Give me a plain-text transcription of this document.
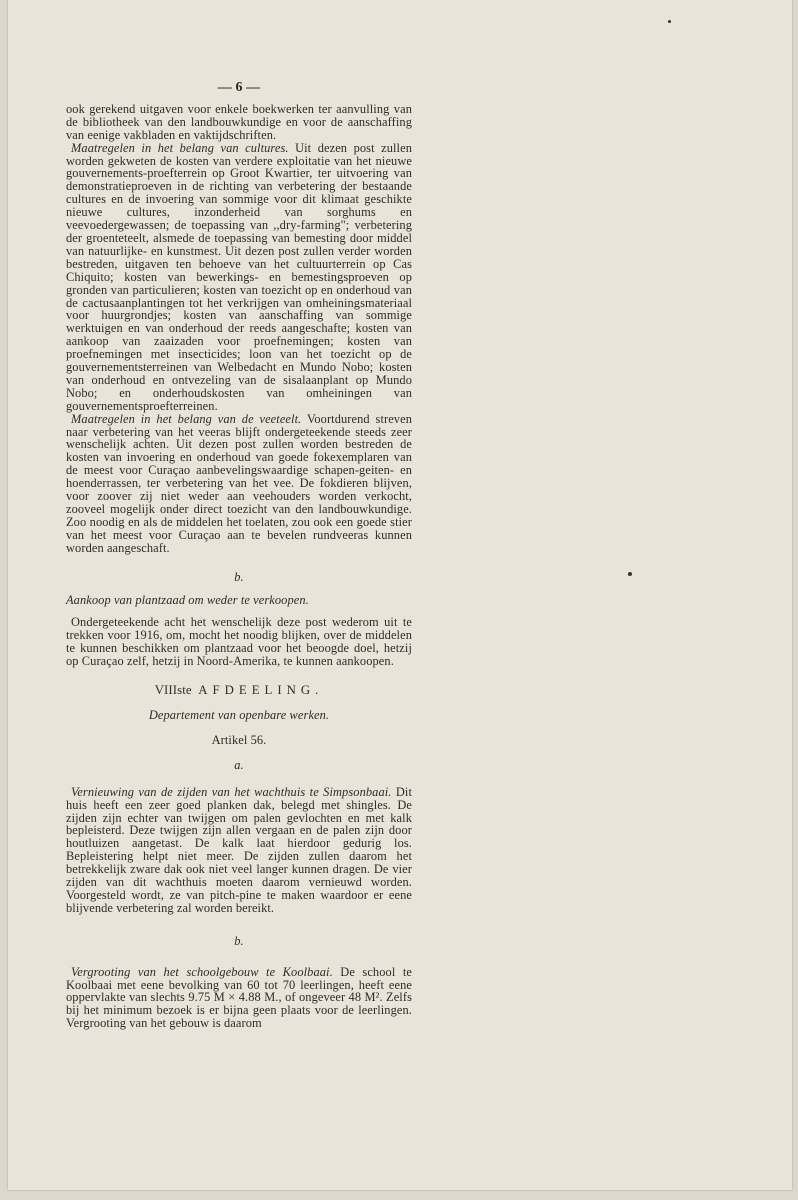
— 6 —

ook gerekend uitgaven voor enkele boekwerken ter aanvulling van de bibliotheek van den landbouwkundige en voor de aanschaffing van eenige vakbladen en vaktijdschriften.

Maatregelen in het belang van cultures. Uit dezen post zullen worden gekweten de kosten van verdere exploitatie van het nieuwe gouvernements-proefterrein op Groot Kwartier, ter uitvoering van demonstratieproeven in de richting van verbetering der bestaande cultures en de invoering van sommige voor dit klimaat geschikte nieuwe cultures, inzonderheid van sorghums en veevoedergewassen; de toepassing van ,,dry-farming"; verbetering der groenteteelt, alsmede de toepassing van bemesting door middel van natuurlijke- en kunstmest. Uit dezen post zullen verder worden bestreden, uitgaven ten behoeve van het cultuurterrein op Cas Chiquito; kosten van bewerkings- en bemestingsproeven op gronden van particulieren; kosten van toezicht op en onderhoud van de cactusaanplantingen tot het verkrijgen van omheiningsmateriaal voor huurgrondjes; kosten van aanschaffing van sommige werktuigen en van onderhoud der reeds aangeschafte; kosten van aankoop van zaaizaden voor proefnemingen; kosten van proefnemingen met insecticides; loon van het toezicht op de gouvernementsterreinen van Welbedacht en Mundo Nobo; kosten van onderhoud en ontvezeling van de sisalaanplant op Mundo Nobo; en onderhoudskosten van omheiningen van gouvernementsproefterreinen.

Maatregelen in het belang van de veeteelt. Voortdurend streven naar verbetering van het veeras blijft ondergeteekende steeds zeer wenschelijk achten. Uit dezen post zullen worden bestreden de kosten van invoering en onderhoud van goede fokexemplaren van de meest voor Curaçao aanbevelingswaardige schapen-geiten- en hoenderrassen, ter verbetering van het vee. De fokdieren blijven, voor zoover zij niet weder aan veehouders worden verkocht, zooveel mogelijk onder direct toezicht van den landbouwkundige. Zoo noodig en als de middelen het toelaten, zou ook een goede stier van het meest voor Curaçao aan te bevelen rundveeras kunnen worden aangeschaft.

b.
Aankoop van plantzaad om weder te verkoopen.

Ondergeteekende acht het wenschelijk deze post wederom uit te trekken voor 1916, om, mocht het noodig blijken, over de middelen te kunnen beschikken om plantzaad voor het beoogde doel, hetzij op Curaçao zelf, hetzij in Noord-Amerika, te kunnen aankoopen.

VIIIste AFDEELING.
Departement van openbare werken.
Artikel 56.
a.

Vernieuwing van de zijden van het wachthuis te Simpsonbaai. Dit huis heeft een zeer goed planken dak, belegd met shingles. De zijden zijn echter van twijgen om palen gevlochten en met kalk bepleisterd. Deze twijgen zijn allen vergaan en de palen zijn door houtluizen aangetast. De kalk laat hierdoor gedurig los. Bepleistering helpt niet meer. De zijden zullen daarom het betrekkelijk zware dak ook niet veel langer kunnen dragen. De vier zijden van dit wachthuis moeten daarom vernieuwd worden. Voorgesteld wordt, ze van pitch-pine te maken waardoor er eene blijvende verbetering zal worden bereikt.

b.

Vergrooting van het schoolgebouw te Koolbaai. De school te Koolbaai met eene bevolking van 60 tot 70 leerlingen, heeft eene oppervlakte van slechts 9.75 M × 4.88 M., of ongeveer 48 M². Zelfs bij het minimum bezoek is er bijna geen plaats voor de leerlingen. Vergrooting van het gebouw is daarom
